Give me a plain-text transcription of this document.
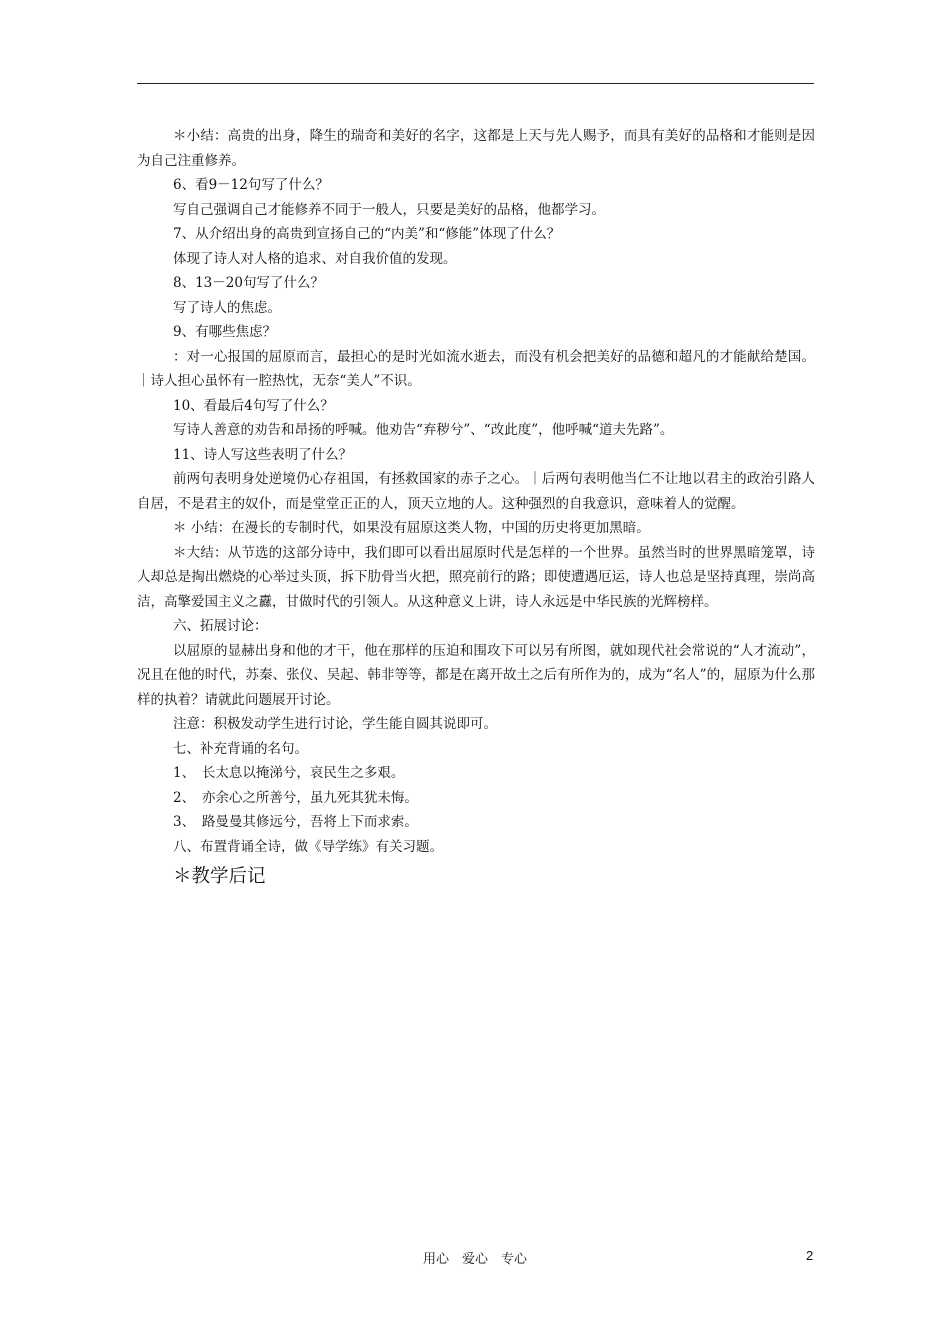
＊小结：高贵的出身，降生的瑞奇和美好的名字，这都是上天与先人赐予，而具有美好的品格和才能则是因为自己注重修养。

6、看9－12句写了什么？

写自己强调自己才能修养不同于一般人，只要是美好的品格，他都学习。

7、从介绍出身的高贵到宣扬自己的“内美”和“修能”体现了什么？

体现了诗人对人格的追求、对自我价值的发现。

8、13－20句写了什么？

写了诗人的焦虑。

9、有哪些焦虑？

：对一心报国的屈原而言，最担心的是时光如流水逝去，而没有机会把美好的品德和超凡的才能献给楚国。｜诗人担心虽怀有一腔热忱，无奈“美人”不识。

10、看最后4句写了什么？

写诗人善意的劝告和昂扬的呼喊。他劝告“弃秽兮”、“改此度”，他呼喊“道夫先路”。

11、诗人写这些表明了什么？

前两句表明身处逆境仍心存祖国，有拯救国家的赤子之心。｜后两句表明他当仁不让地以君主的政治引路人自居，不是君主的奴仆，而是堂堂正正的人，顶天立地的人。这种强烈的自我意识，意味着人的觉醒。

＊ 小结：在漫长的专制时代，如果没有屈原这类人物，中国的历史将更加黑暗。

＊大结：从节选的这部分诗中，我们即可以看出屈原时代是怎样的一个世界。虽然当时的世界黑暗笼罩，诗人却总是掏出燃烧的心举过头顶，拆下肋骨当火把，照亮前行的路；即使遭遇厄运，诗人也总是坚持真理，崇尚高洁，高擎爱国主义之纛，甘做时代的引领人。从这种意义上讲，诗人永远是中华民族的光辉榜样。

六、拓展讨论：

以屈原的显赫出身和他的才干，他在那样的压迫和围攻下可以另有所图，就如现代社会常说的“人才流动”，况且在他的时代，苏秦、张仪、吴起、韩非等等，都是在离开故土之后有所作为的，成为“名人”的，屈原为什么那样的执着？请就此问题展开讨论。

注意：积极发动学生进行讨论，学生能自圆其说即可。

七、补充背诵的名句。

1、　长太息以掩涕兮，哀民生之多艰。

2、　亦余心之所善兮，虽九死其犹未悔。

3、　路曼曼其修远兮，吾将上下而求索。

八、布置背诵全诗，做《导学练》有关习题。

＊教学后记

用心　爱心　专心	2
